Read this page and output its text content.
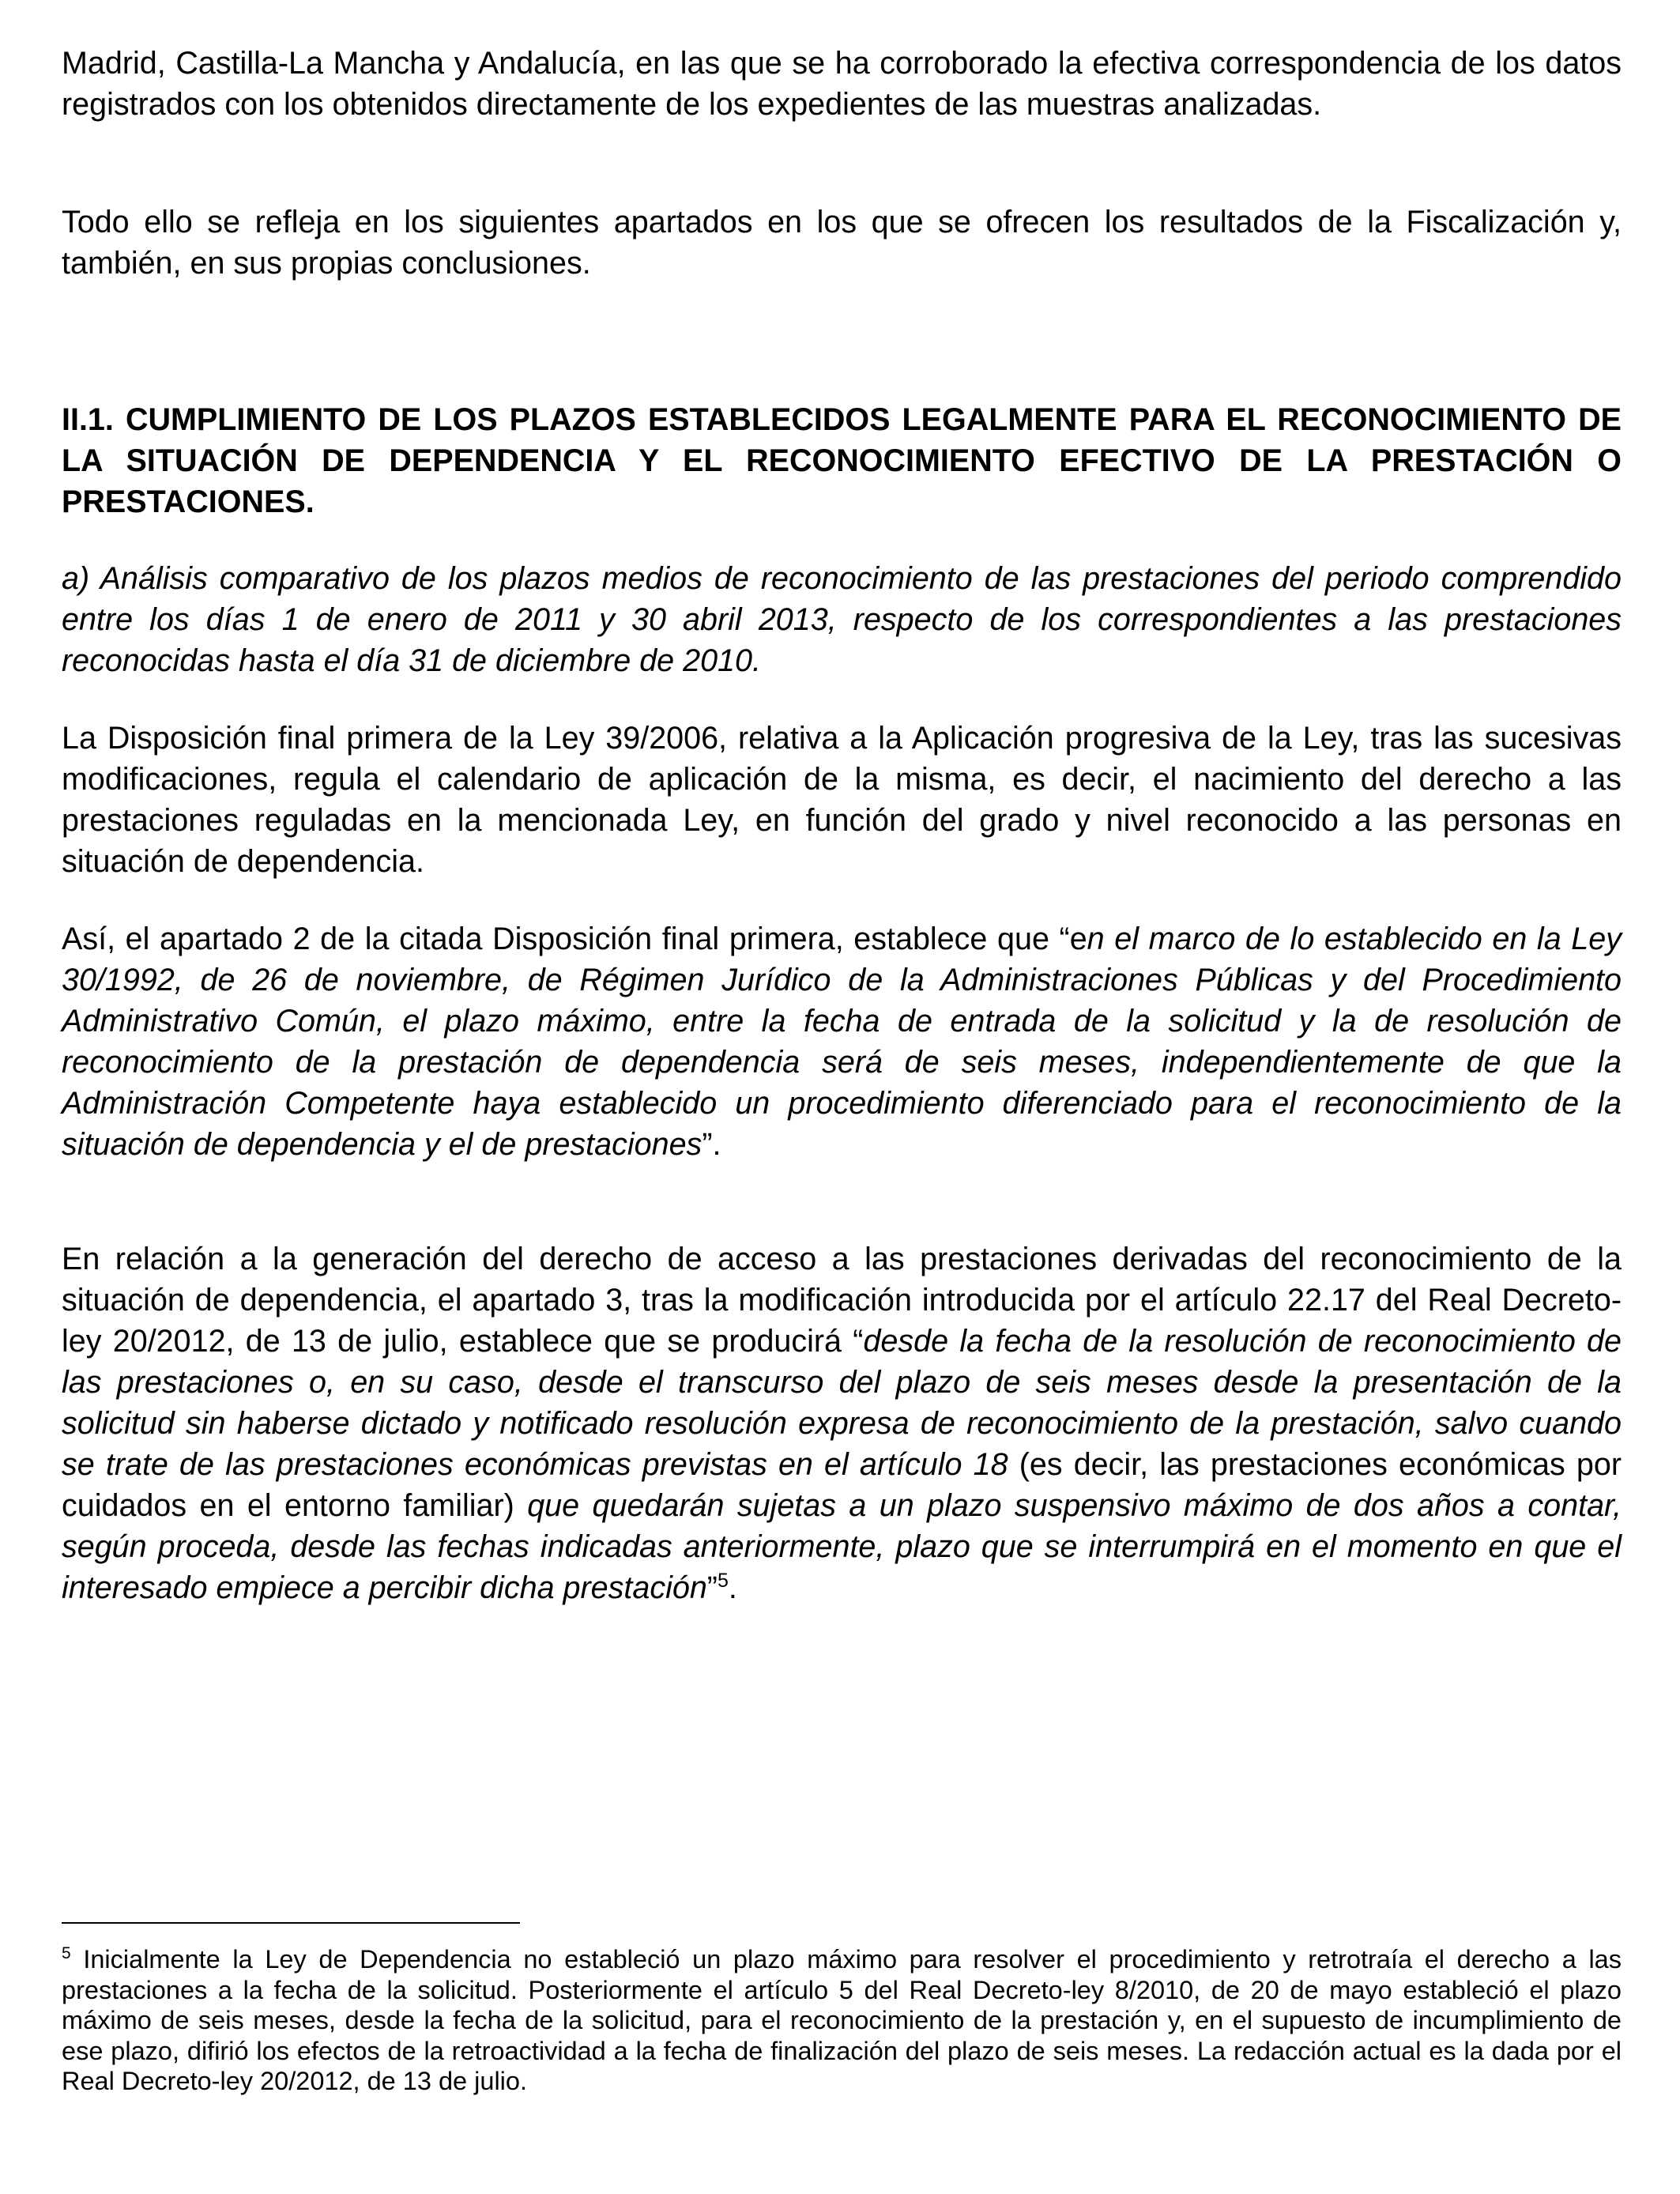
Madrid, Castilla-La Mancha y Andalucía, en las que se ha corroborado la efectiva correspondencia de los datos registrados con los obtenidos directamente de los expedientes de las muestras analizadas.

Todo ello se refleja en los siguientes apartados en los que se ofrecen los resultados de la Fiscalización y, también, en sus propias conclusiones.

II.1. CUMPLIMIENTO DE LOS PLAZOS ESTABLECIDOS LEGALMENTE PARA EL RECONOCIMIENTO DE LA SITUACIÓN DE DEPENDENCIA Y EL RECONOCIMIENTO EFECTIVO DE LA PRESTACIÓN O PRESTACIONES.

a) Análisis comparativo de los plazos medios de reconocimiento de las prestaciones del periodo comprendido entre los días 1 de enero de 2011 y 30 abril 2013, respecto de los correspondientes a las prestaciones reconocidas hasta el día 31 de diciembre de 2010.

La Disposición final primera de la Ley 39/2006, relativa a la Aplicación progresiva de la Ley, tras las sucesivas modificaciones, regula el calendario de aplicación de la misma, es decir, el nacimiento del derecho a las prestaciones reguladas en la mencionada Ley, en función del grado y nivel reconocido a las personas en situación de dependencia.

Así, el apartado 2 de la citada Disposición final primera, establece que “en el marco de lo establecido en la Ley 30/1992, de 26 de noviembre, de Régimen Jurídico de la Administraciones Públicas y del Procedimiento Administrativo Común, el plazo máximo, entre la fecha de entrada de la solicitud y la de resolución de reconocimiento de la prestación de dependencia será de seis meses, independientemente de que la Administración Competente haya establecido un procedimiento diferenciado para el reconocimiento de la situación de dependencia y el de prestaciones”.

En relación a la generación del derecho de acceso a las prestaciones derivadas del reconocimiento de la situación de dependencia, el apartado 3, tras la modificación introducida por el artículo 22.17 del Real Decreto-ley 20/2012, de 13 de julio, establece que se producirá “desde la fecha de la resolución de reconocimiento de las prestaciones o, en su caso, desde el transcurso del plazo de seis meses desde la presentación de la solicitud sin haberse dictado y notificado resolución expresa de reconocimiento de la prestación, salvo cuando se trate de las prestaciones económicas previstas en el artículo 18 (es decir, las prestaciones económicas por cuidados en el entorno familiar) que quedarán sujetas a un plazo suspensivo máximo de dos años a contar, según proceda, desde las fechas indicadas anteriormente, plazo que se interrumpirá en el momento en que el interesado empiece a percibir dicha prestación”$^5$.

$^5$ Inicialmente la Ley de Dependencia no estableció un plazo máximo para resolver el procedimiento y retrotraía el derecho a las prestaciones a la fecha de la solicitud. Posteriormente el artículo 5 del Real Decreto-ley 8/2010, de 20 de mayo estableció el plazo máximo de seis meses, desde la fecha de la solicitud, para el reconocimiento de la prestación y, en el supuesto de incumplimiento de ese plazo, difirió los efectos de la retroactividad a la fecha de finalización del plazo de seis meses. La redacción actual es la dada por el Real Decreto-ley 20/2012, de 13 de julio.
